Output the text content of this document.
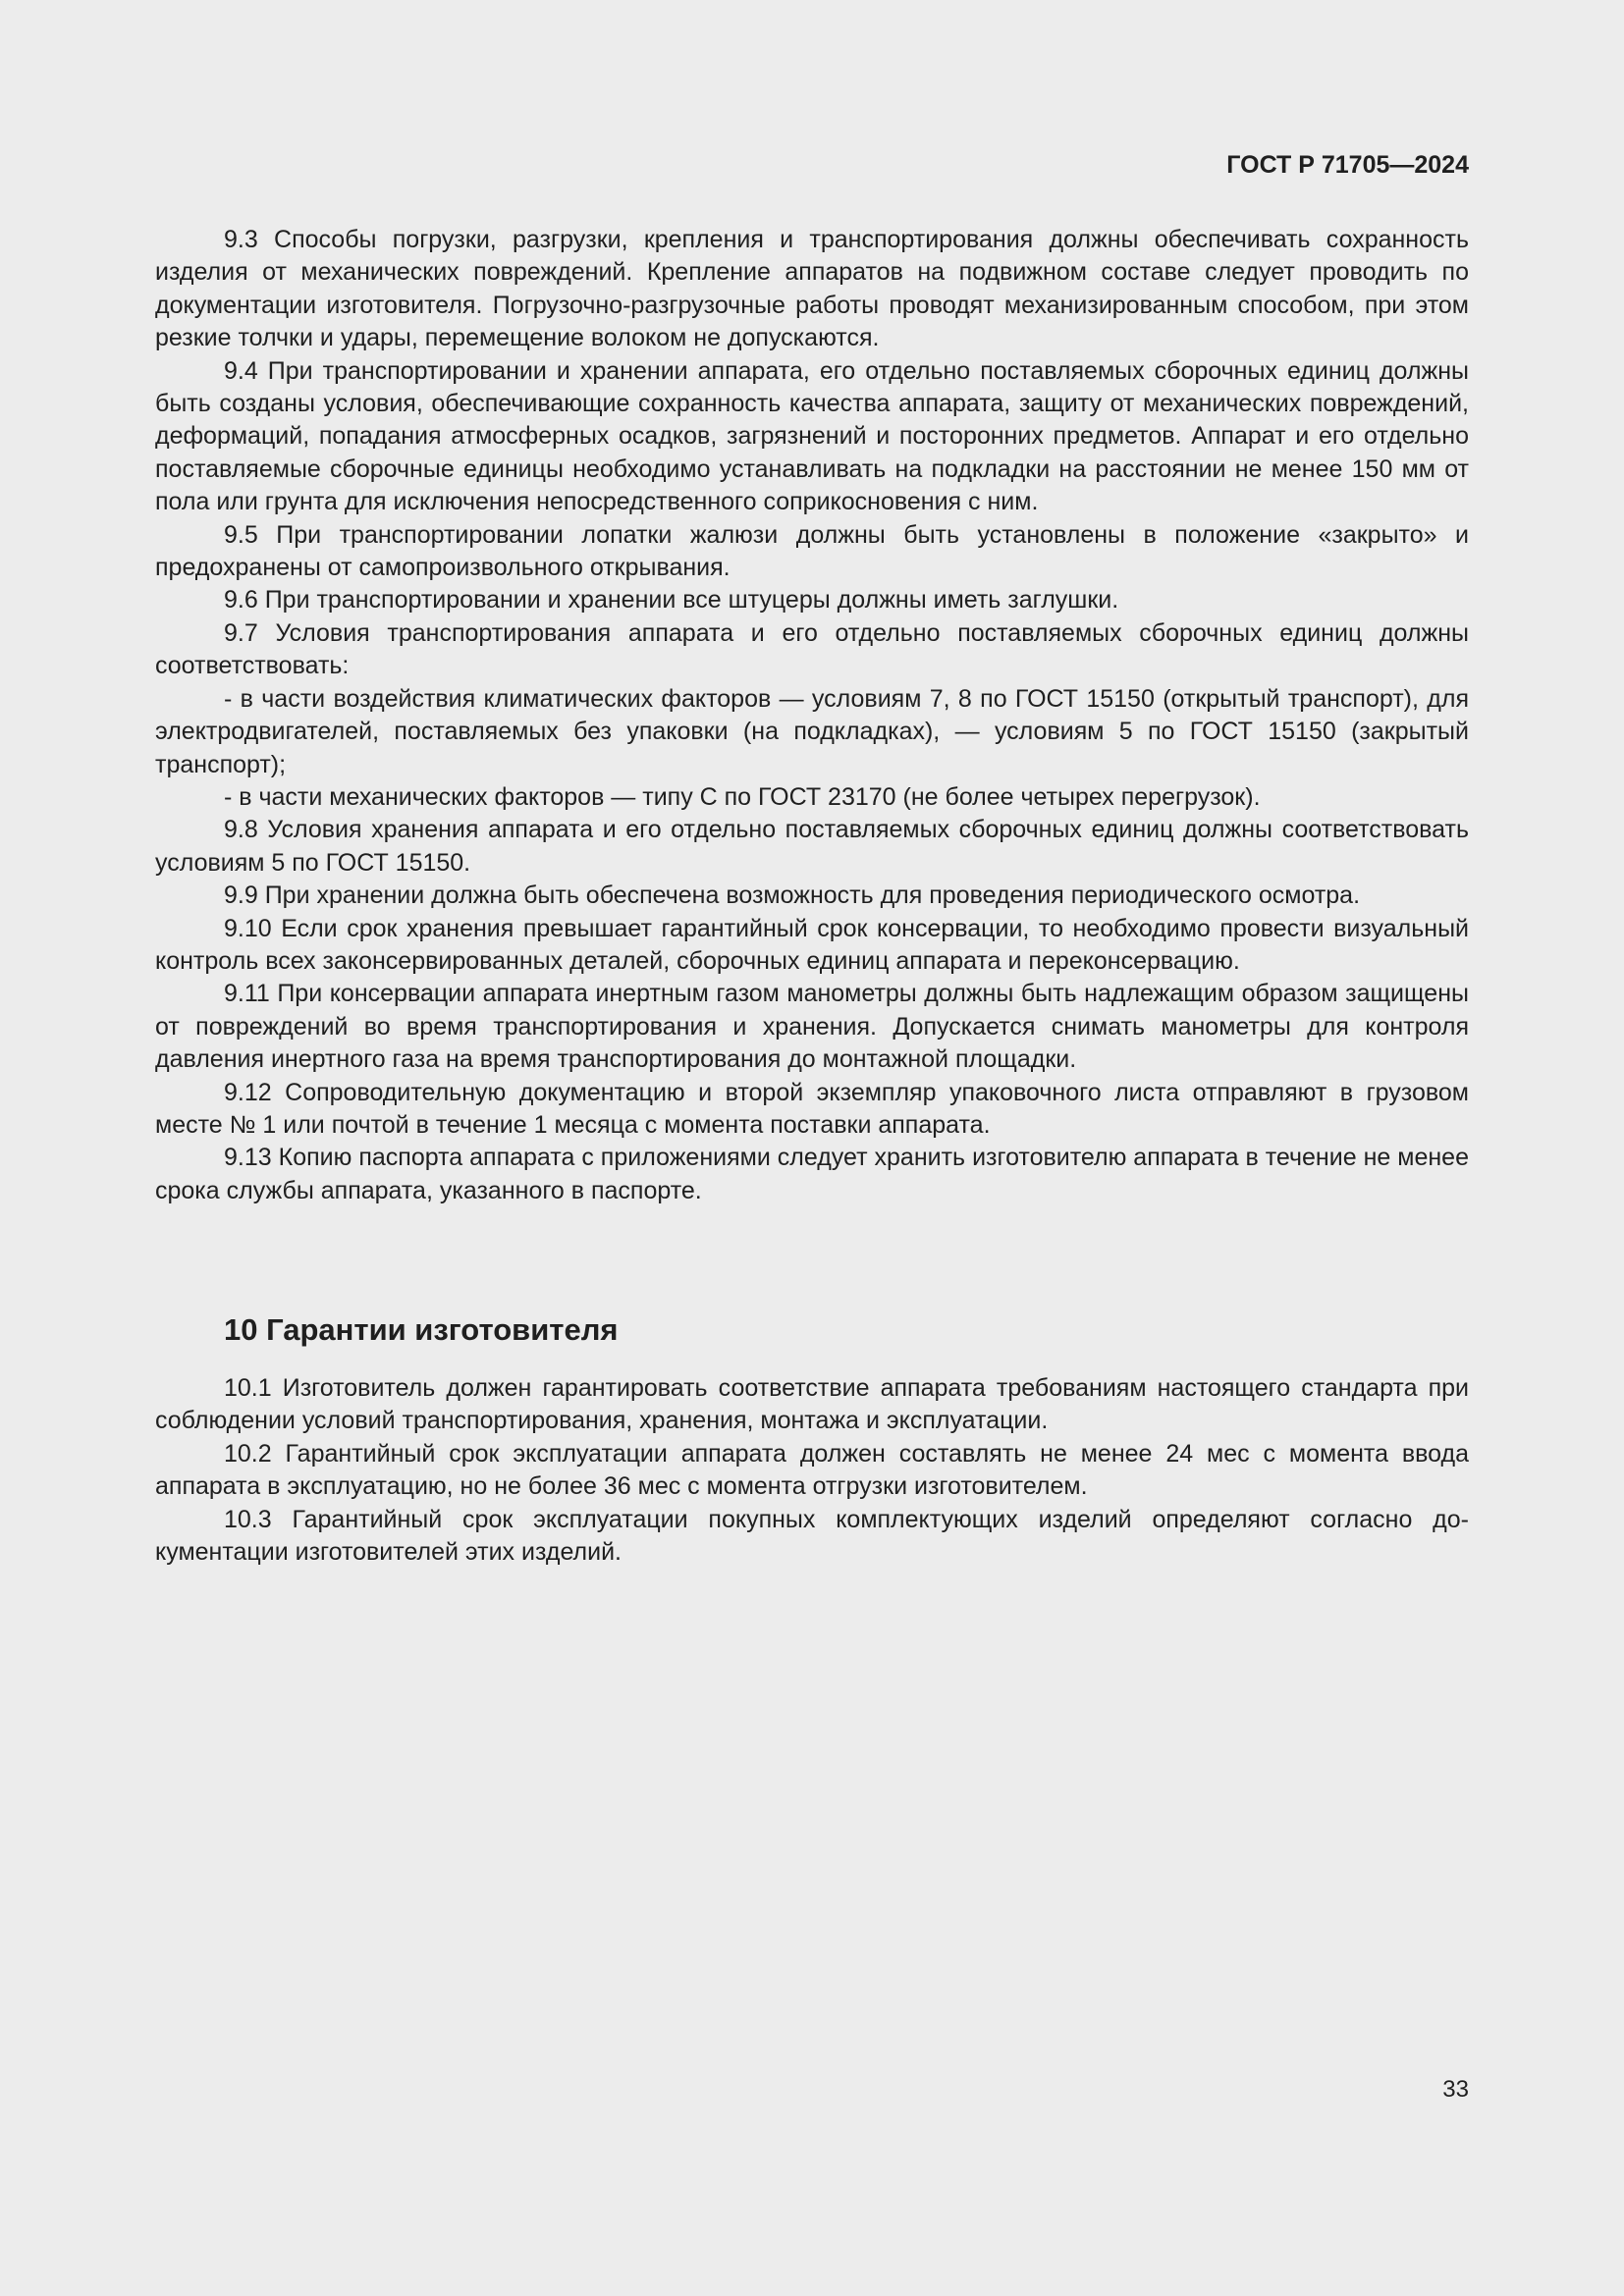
ГОСТ Р 71705—2024

9.3 Способы погрузки, разгрузки, крепления и транспортирования должны обеспечивать сохранность изделия от механических повреждений. Крепление аппаратов на подвижном составе следует проводить по документации изготовителя. Погрузочно-разгрузочные работы проводят механизированным способом, при этом резкие толчки и удары, перемещение волоком не допускаются.

9.4 При транспортировании и хранении аппарата, его отдельно поставляемых сборочных единиц должны быть созданы условия, обеспечивающие сохранность качества аппарата, защиту от механических повреждений, деформаций, попадания атмосферных осадков, загрязнений и посторонних предметов. Аппарат и его отдельно поставляемые сборочные единицы необходимо устанавливать на подкладки на расстоянии не менее 150 мм от пола или грунта для исключения непосредственного соприкосновения с ним.

9.5 При транспортировании лопатки жалюзи должны быть установлены в положение «закрыто» и предохранены от самопроизвольного открывания.

9.6 При транспортировании и хранении все штуцеры должны иметь заглушки.

9.7 Условия транспортирования аппарата и его отдельно поставляемых сборочных единиц должны соответствовать:

- в части воздействия климатических факторов — условиям 7, 8 по ГОСТ 15150 (открытый транспорт), для электродвигателей, поставляемых без упаковки (на подкладках), — условиям 5 по ГОСТ 15150 (закрытый транспорт);

- в части механических факторов — типу С по ГОСТ 23170 (не более четырех перегрузок).

9.8 Условия хранения аппарата и его отдельно поставляемых сборочных единиц должны соответствовать условиям 5 по ГОСТ 15150.

9.9 При хранении должна быть обеспечена возможность для проведения периодического осмотра.

9.10 Если срок хранения превышает гарантийный срок консервации, то необходимо провести визуальный контроль всех законсервированных деталей, сборочных единиц аппарата и переконсервацию.

9.11 При консервации аппарата инертным газом манометры должны быть надлежащим образом защищены от повреждений во время транспортирования и хранения. Допускается снимать манометры для контроля давления инертного газа на время транспортирования до монтажной площадки.

9.12 Сопроводительную документацию и второй экземпляр упаковочного листа отправляют в грузовом месте № 1 или почтой в течение 1 месяца с момента поставки аппарата.

9.13 Копию паспорта аппарата с приложениями следует хранить изготовителю аппарата в течение не менее срока службы аппарата, указанного в паспорте.

10 Гарантии изготовителя

10.1 Изготовитель должен гарантировать соответствие аппарата требованиям настоящего стандарта при соблюдении условий транспортирования, хранения, монтажа и эксплуатации.

10.2 Гарантийный срок эксплуатации аппарата должен составлять не менее 24 мес с момента ввода аппарата в эксплуатацию, но не более 36 мес с момента отгрузки изготовителем.

10.3 Гарантийный срок эксплуатации покупных комплектующих изделий определяют согласно документации изготовителей этих изделий.

33
